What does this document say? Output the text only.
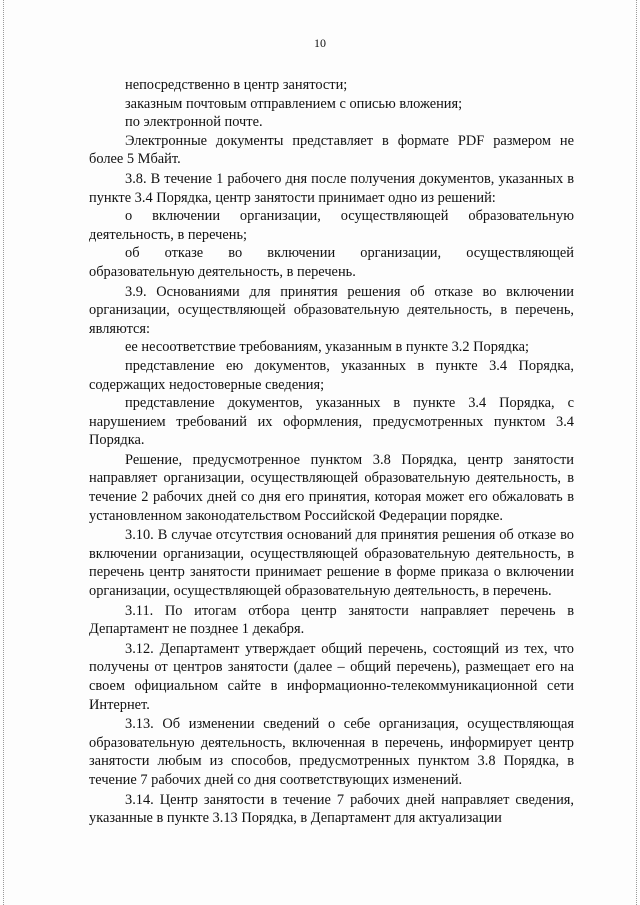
10

непосредственно в центр занятости;

заказным почтовым отправлением с описью вложения;

по электронной почте.

Электронные документы представляет в формате PDF размером не более 5 Мбайт.

3.8. В течение 1 рабочего дня после получения документов, указанных в пункте 3.4 Порядка, центр занятости принимает одно из решений:

о включении организации, осуществляющей образовательную деятельность, в перечень;

об отказе во включении организации, осуществляющей образовательную деятельность, в перечень.

3.9. Основаниями для принятия решения об отказе во включении организации, осуществляющей образовательную деятельность, в перечень, являются:

ее несоответствие требованиям, указанным в пункте 3.2 Порядка;

представление ею документов, указанных в пункте 3.4 Порядка, содержащих недостоверные сведения;

представление документов, указанных в пункте 3.4 Порядка, с нарушением требований их оформления, предусмотренных пунктом 3.4 Порядка.

Решение, предусмотренное пунктом 3.8 Порядка, центр занятости направляет организации, осуществляющей образовательную деятельность, в течение 2 рабочих дней со дня его принятия, которая может его обжаловать в установленном законодательством Российской Федерации порядке.

3.10. В случае отсутствия оснований для принятия решения об отказе во включении организации, осуществляющей образовательную деятельность, в перечень центр занятости принимает решение в форме приказа о включении организации, осуществляющей образовательную деятельность, в перечень.

3.11. По итогам отбора центр занятости направляет перечень в Департамент не позднее 1 декабря.

3.12. Департамент утверждает общий перечень, состоящий из тех, что получены от центров занятости (далее – общий перечень), размещает его на своем официальном сайте в информационно-телекоммуникационной сети Интернет.

3.13. Об изменении сведений о себе организация, осуществляющая образовательную деятельность, включенная в перечень, информирует центр занятости любым из способов, предусмотренных пунктом 3.8 Порядка, в течение 7 рабочих дней со дня соответствующих изменений.

3.14. Центр занятости в течение 7 рабочих дней направляет сведения, указанные в пункте 3.13 Порядка, в Департамент для актуализации
